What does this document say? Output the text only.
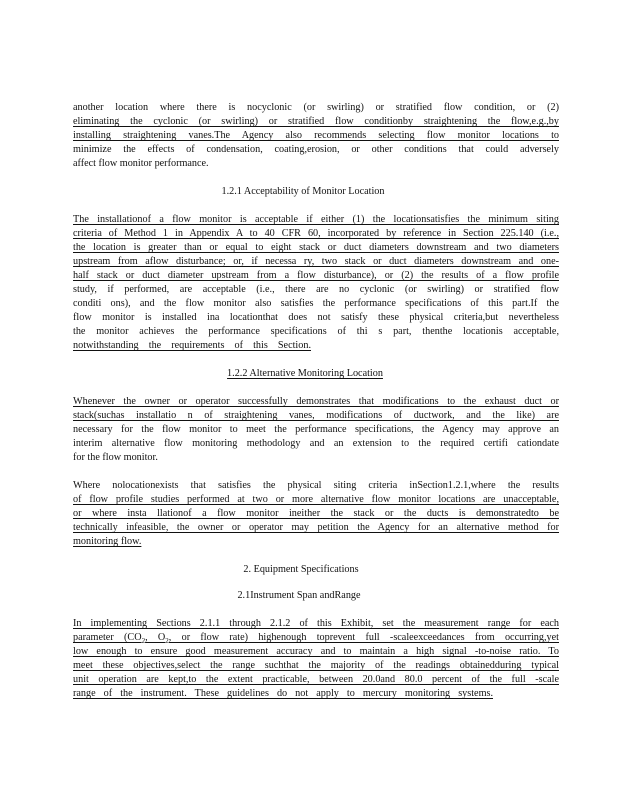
another location where there is nocyclonic (or swirling) or stratified flow condition, or (2)
eliminating the cyclonic (or swirling) or stratified flow conditionby straightening the flow,e.g.,by
installing straightening vanes.The Agency also recommends selecting flow monitor locations to
minimize the effects of condensation, coating,erosion, or other conditions that could adversely
affect flow monitor performance.
1.2.1 Acceptability of Monitor Location
The installationof a flow monitor is acceptable if either (1) the locationsatisfies the minimum siting
criteria of Method 1 in Appendix A to 40 CFR 60, incorporated by reference in Section 225.140 (i.e.,
the location is greater than or equal to eight stack or duct diameters downstream and two diameters
upstream from aflow disturbance; or, if necessa ry, two stack or duct diameters downstream and one-
half stack or duct diameter upstream from a flow disturbance), or (2) the results of a flow profile
study, if performed, are acceptable (i.e., there are no cyclonic (or swirling) or stratified flow
conditi ons), and the flow monitor also satisfies the performance specifications of this part.If the
flow monitor is installed ina locationthat does not satisfy these physical criteria,but nevertheless
the monitor achieves the performance specifications of thi s part, thenthe locationis acceptable,
notwithstanding the requirements of this Section.
1.2.2 Alternative Monitoring Location
Whenever the owner or operator successfully demonstrates that modifications to the exhaust duct or
stack(suchas installatio n of straightening vanes, modifications of ductwork, and the like) are
necessary for the flow monitor to meet the performance specifications, the Agency may approve an
interim alternative flow monitoring methodology and an extension to the required certifi cationdate
for the flow monitor.
Where nolocationexists that satisfies the physical siting criteria inSection1.2.1,where the results
of flow profile studies performed at two or more alternative flow monitor locations are unacceptable,
or where insta llationof a flow monitor ineither the stack or the ducts is demonstratedto be
technically infeasible, the owner or operator may petition the Agency for an alternative method for
monitoring flow.
2. Equipment Specifications
2.1Instrument Span andRange
In implementing Sections 2.1.1 through 2.1.2 of this Exhibit, set the measurement range for each
parameter ($CO_2$, $O_2$, or flow rate) highenough toprevent full -scaleexceedances from occurring,yet
low enough to ensure good measurement accuracy and to maintain a high signal -to-noise ratio. To
meet these objectives,select the range suchthat the majority of the readings obtainedduring typical
unit operation are kept,to the extent practicable, between 20.0and 80.0 percent of the full -scale
range of the instrument. These guidelines do not apply to mercury monitoring systems.
